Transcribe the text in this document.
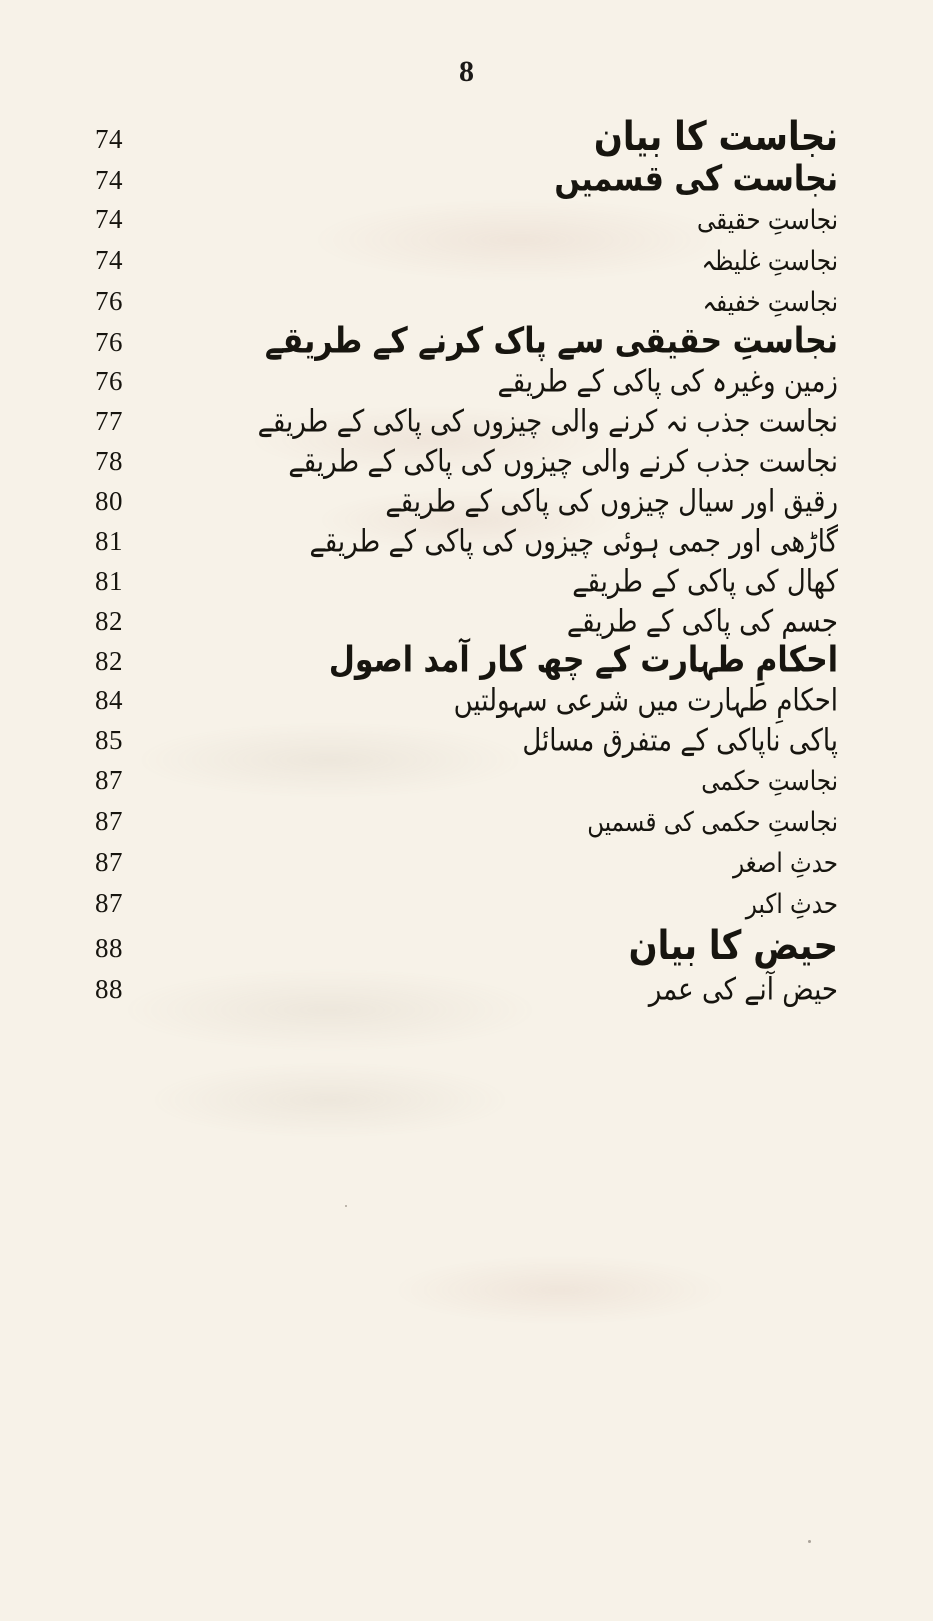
8
نجاست کا بیان
74
نجاست کی قسمیں
74
نجاستِ حقیقی
74
نجاستِ غلیظہ
74
نجاستِ خفیفہ
76
نجاستِ حقیقی سے پاک کرنے کے طریقے
76
زمین وغیرہ کی پاکی کے طریقے
76
نجاست جذب نہ کرنے والی چیزوں کی پاکی کے طریقے
77
نجاست جذب کرنے والی چیزوں کی پاکی کے طریقے
78
رقیق اور سیال چیزوں کی پاکی کے طریقے
80
گاڑھی اور جمی ہوئی چیزوں کی پاکی کے طریقے
81
کھال کی پاکی کے طریقے
81
جسم کی پاکی کے طریقے
82
احکامِ طہارت کے چھ کار آمد اصول
82
احکامِ طہارت میں شرعی سہولتیں
84
پاکی ناپاکی کے متفرق مسائل
85
نجاستِ حکمی
87
نجاستِ حکمی کی قسمیں
87
حدثِ اصغر
87
حدثِ اکبر
87
حیض کا بیان
88
حیض آنے کی عمر
88
